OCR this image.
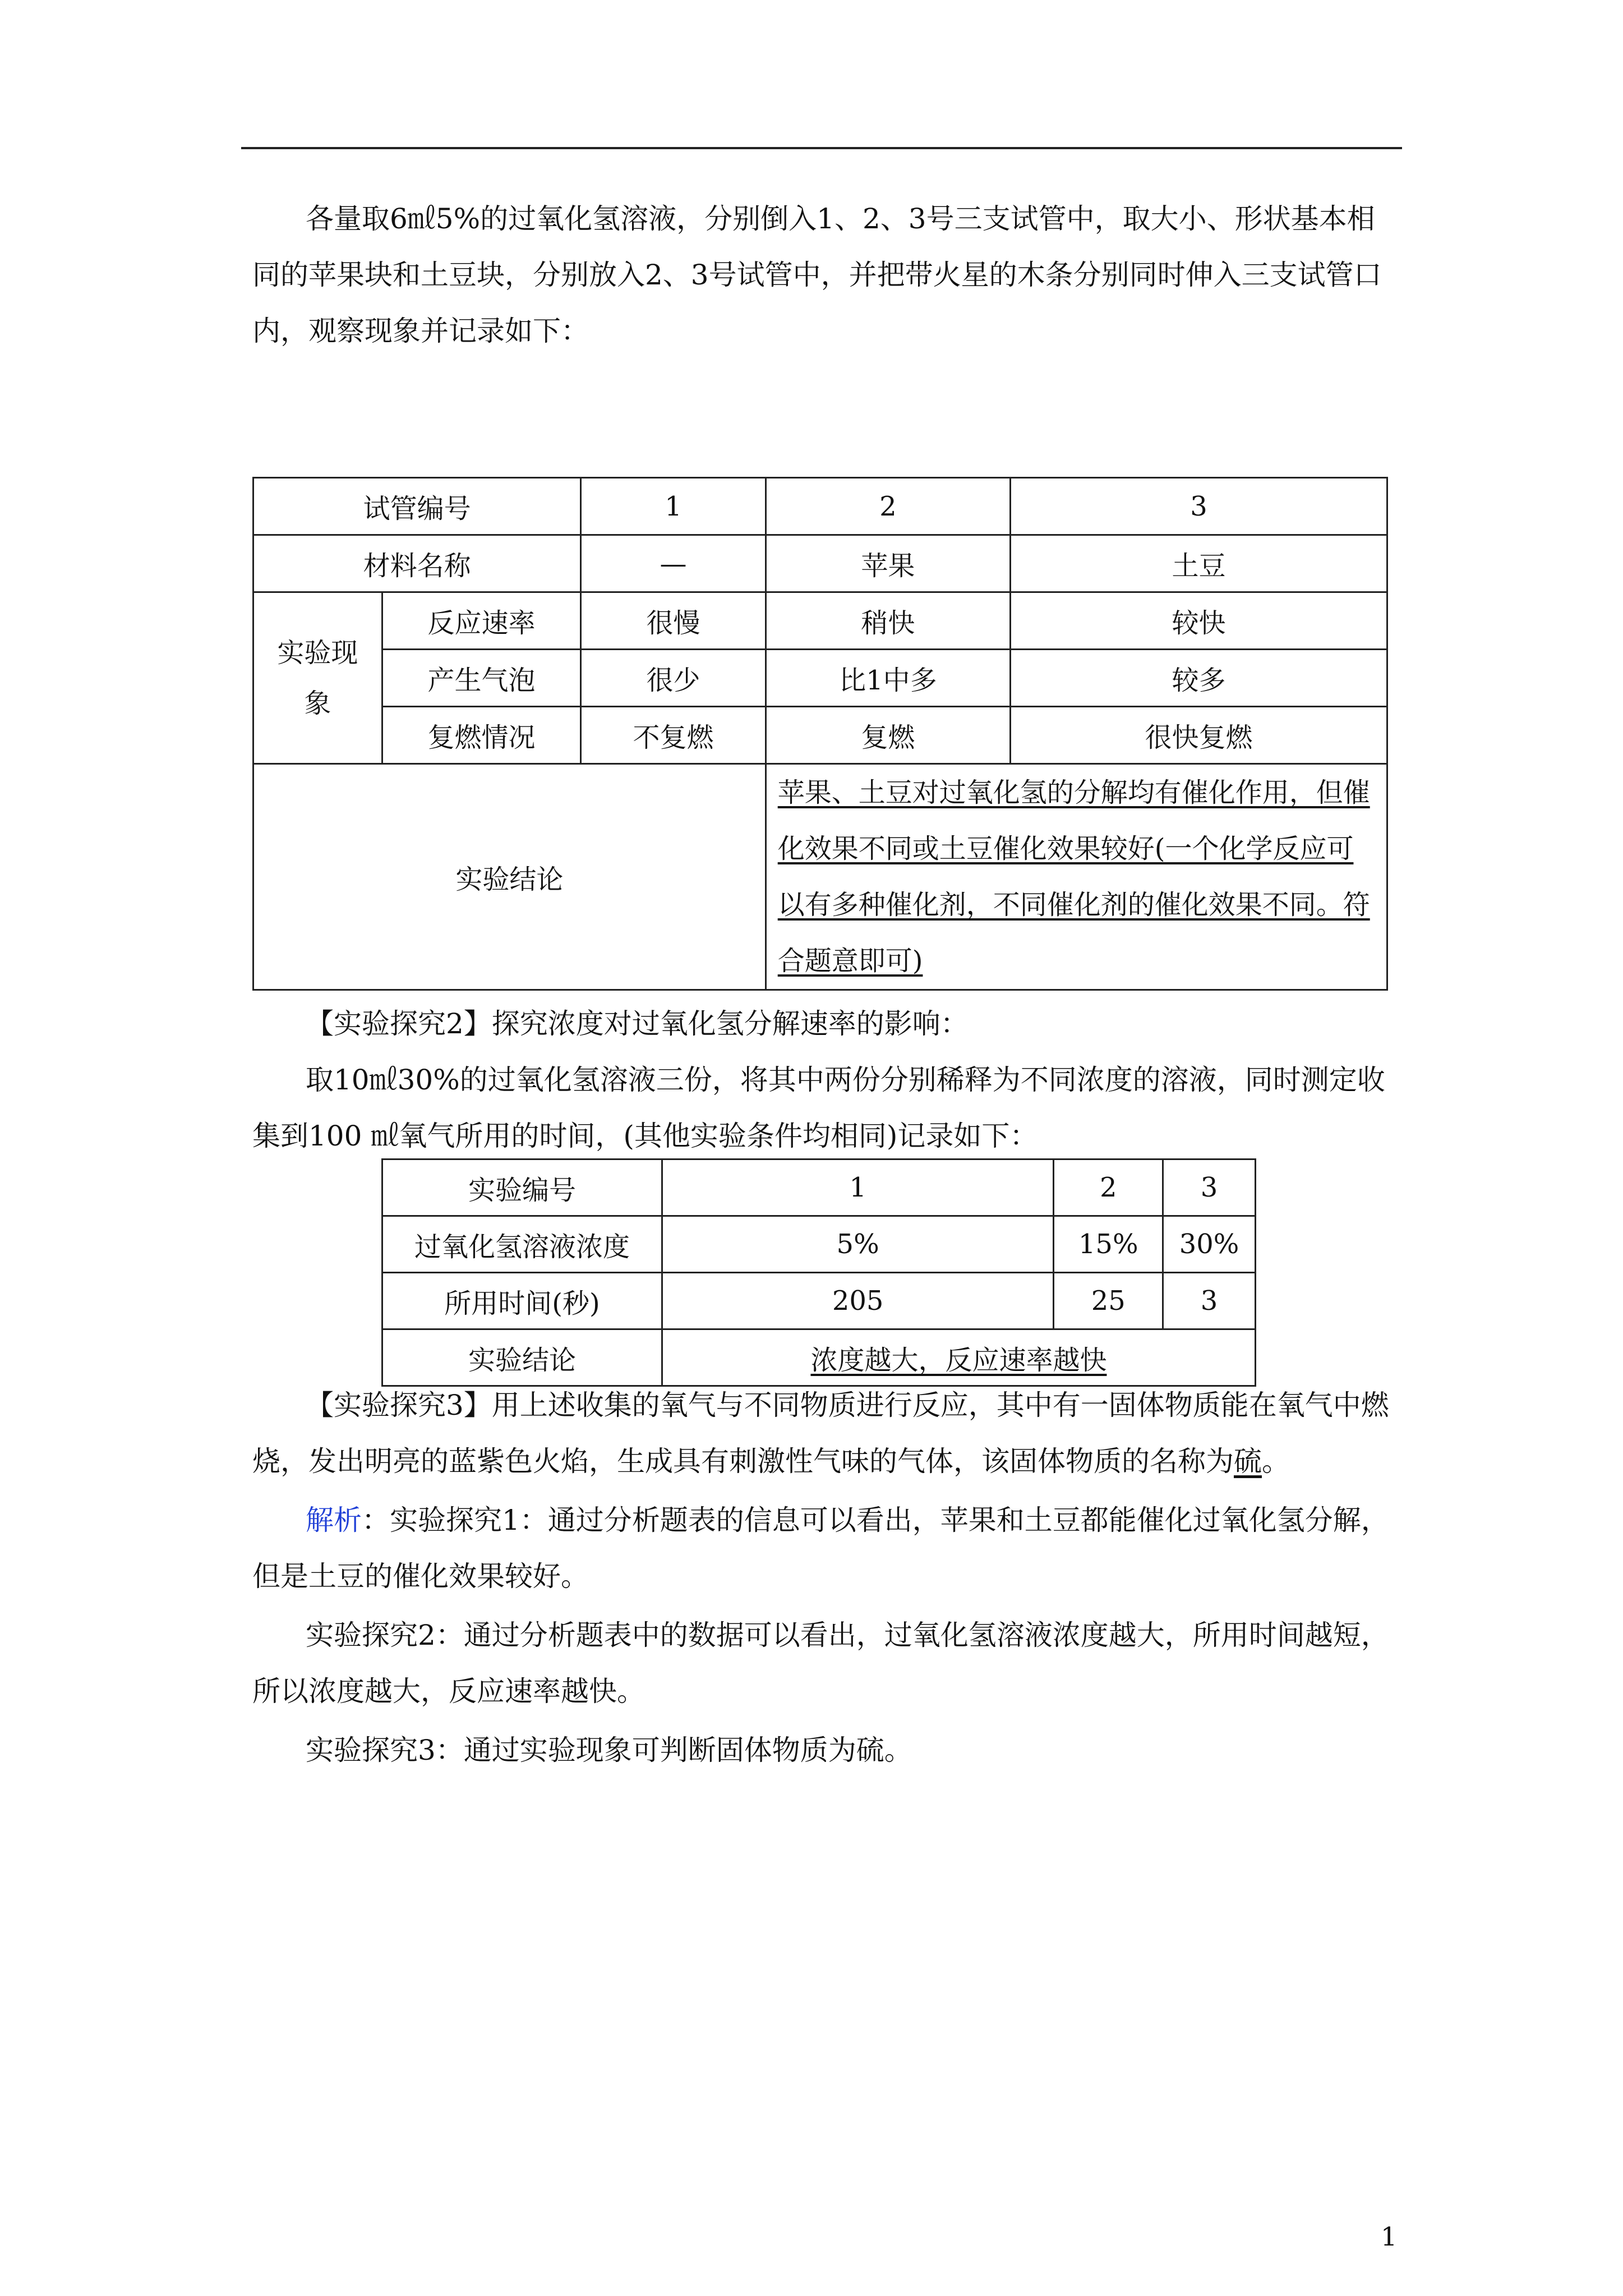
各量取6㎖5%的过氧化氢溶液，分别倒入1、2、3号三支试管中，取大小、形状基本相同的苹果块和土豆块，分别放入2、3号试管中，并把带火星的木条分别同时伸入三支试管口内，观察现象并记录如下：

试管编号		1	2	3
材料名称		—	苹果	土豆
实验现象	反应速率	很慢	稍快	较快
	产生气泡	很少	比1中多	较多
	复燃情况	不复燃	复燃	很快复燃
实验结论			苹果、土豆对过氧化氢的分解均有催化作用，但催化效果不同或土豆催化效果较好(一个化学反应可以有多种催化剂，不同催化剂的催化效果不同。符合题意即可)	

【实验探究2】探究浓度对过氧化氢分解速率的影响：

取10㎖30%的过氧化氢溶液三份，将其中两份分别稀释为不同浓度的溶液，同时测定收集到100 ㎖氧气所用的时间，(其他实验条件均相同)记录如下：

实验编号	1	2	3
过氧化氢溶液浓度	5%	15%	30%
所用时间(秒)	205	25	3
实验结论	浓度越大，反应速率越快		

【实验探究3】用上述收集的氧气与不同物质进行反应，其中有一固体物质能在氧气中燃烧，发出明亮的蓝紫色火焰，生成具有刺激性气味的气体，该固体物质的名称为硫。

解析：实验探究1：通过分析题表的信息可以看出，苹果和土豆都能催化过氧化氢分解，但是土豆的催化效果较好。

实验探究2：通过分析题表中的数据可以看出，过氧化氢溶液浓度越大，所用时间越短，所以浓度越大，反应速率越快。

实验探究3：通过实验现象可判断固体物质为硫。

1
